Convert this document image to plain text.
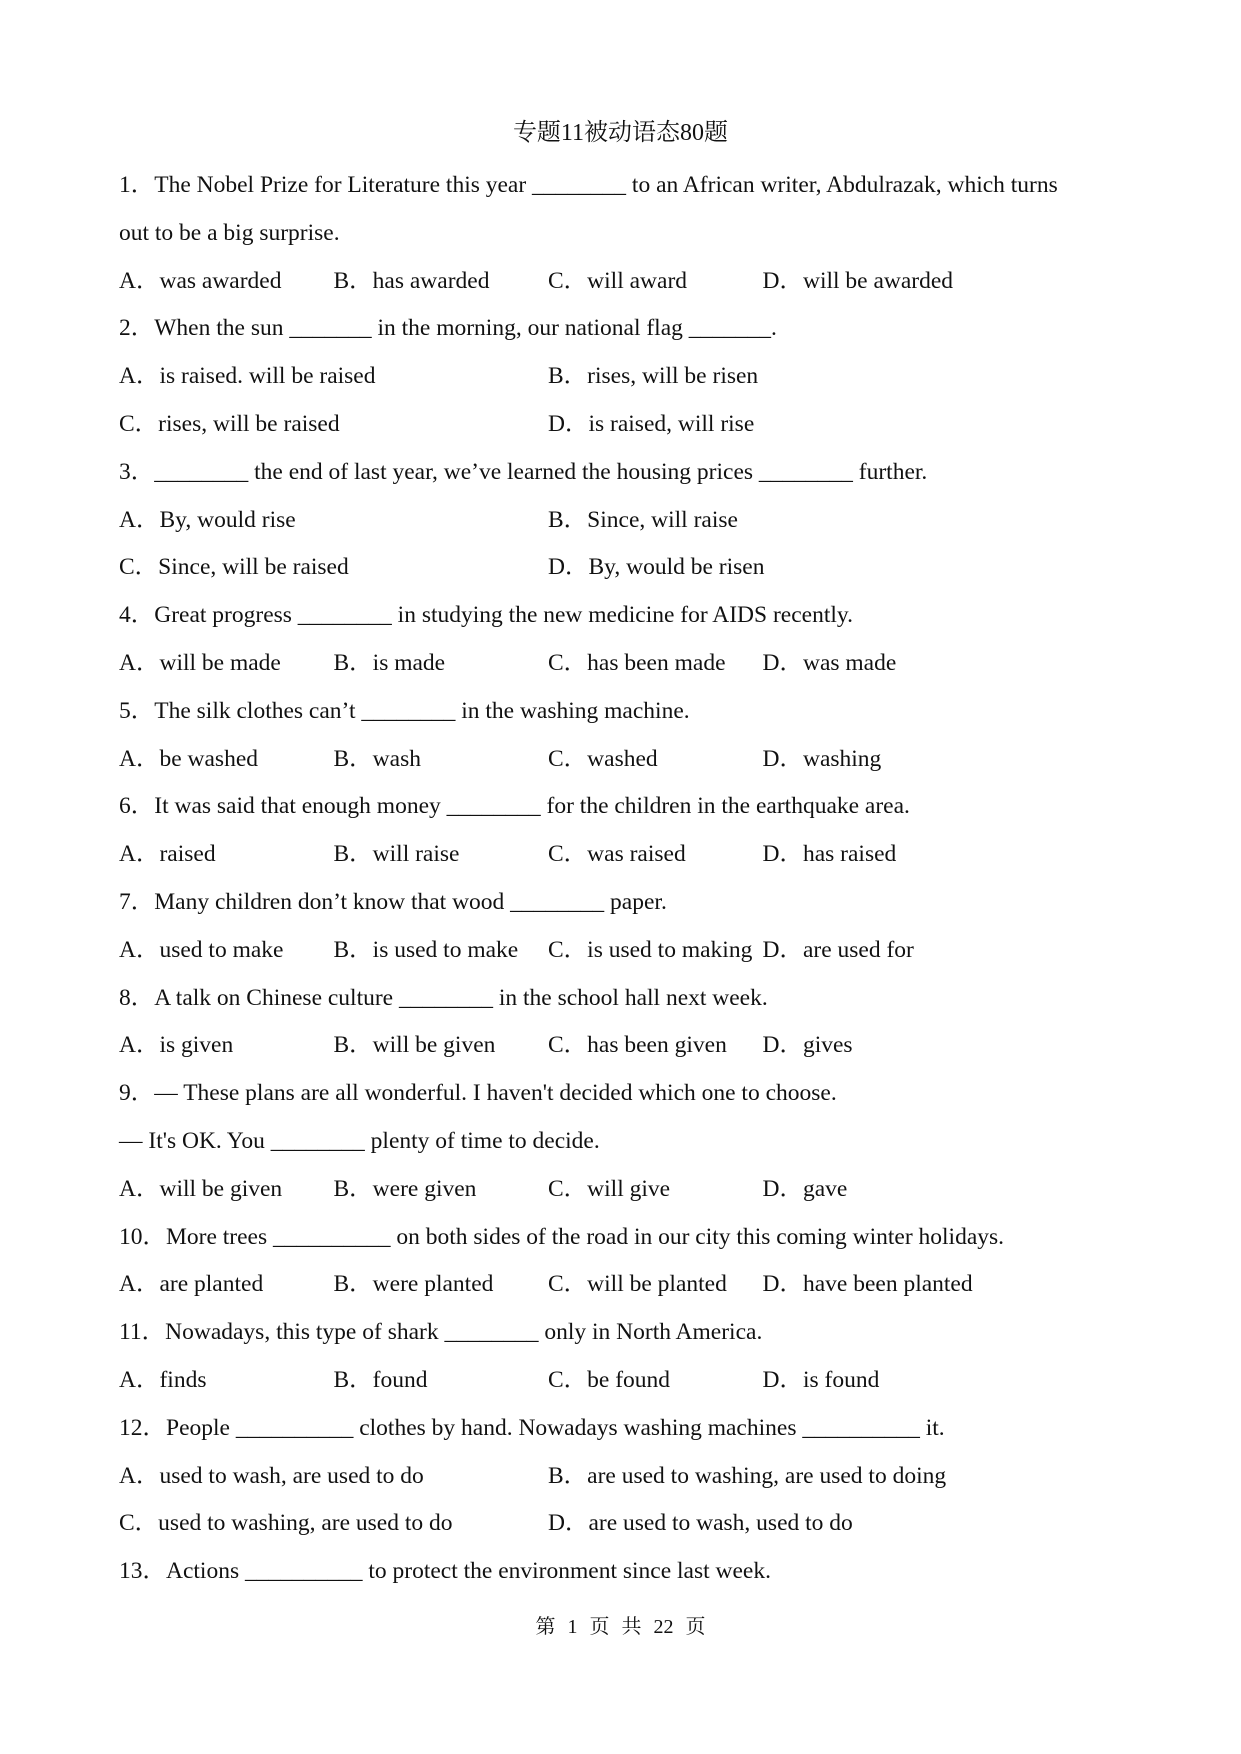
专题11被动语态80题
1．The Nobel Prize for Literature this year ________ to an African writer, Abdulrazak, which turns
out to be a big surprise.
A．was awarded	B．has awarded	C．will award	D．will be awarded
2．When the sun _______ in the morning, our national flag _______.
A．is raised. will be raised	B．rises, will be risen
C．rises, will be raised	D．is raised, will rise
3．________ the end of last year, we’ve learned the housing prices ________ further.
A．By, would rise	B．Since, will raise
C．Since, will be raised	D．By, would be risen
4．Great progress ________ in studying the new medicine for AIDS recently.
A．will be made	B．is made	C．has been made	D．was made
5．The silk clothes can’t ________ in the washing machine.
A．be washed	B．wash	C．washed	D．washing
6．It was said that enough money ________ for the children in the earthquake area.
A．raised	B．will raise	C．was raised	D．has raised
7．Many children don’t know that wood ________ paper.
A．used to make	B．is used to make	C．is used to making D．are used for
8．A talk on Chinese culture ________ in the school hall next week.
A．is given	B．will be given	C．has been given	D．gives
9．— These plans are all wonderful. I haven't decided which one to choose.
— It's OK. You ________ plenty of time to decide.
A．will be given	B．were given	C．will give	D．gave
10．More trees __________ on both sides of the road in our city this coming winter holidays.
A．are planted	B．were planted	C．will be planted	D．have been planted
11．Nowadays, this type of shark ________ only in North America.
A．finds	B．found	C．be found	D．is found
12．People __________ clothes by hand. Nowadays washing machines __________ it.
A．used to wash, are used to do	B．are used to washing, are used to doing
C．used to washing, are used to do	D．are used to wash, used to do
13．Actions __________ to protect the environment since last week.
第 1 页 共 22 页
